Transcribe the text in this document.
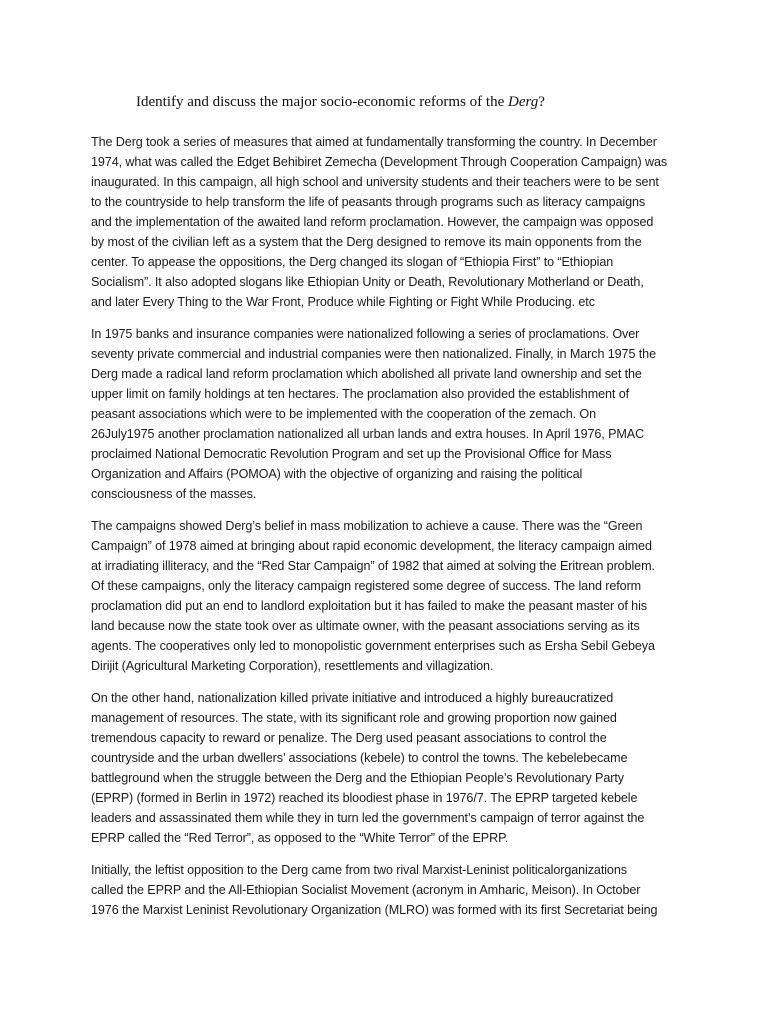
Identify and discuss the major socio-economic reforms of the Derg?

The Derg took a series of measures that aimed at fundamentally transforming the country. In December
1974, what was called the Edget Behibiret Zemecha (Development Through Cooperation Campaign) was
inaugurated. In this campaign, all high school and university students and their teachers were to be sent
to the countryside to help transform the life of peasants through programs such as literacy campaigns
and the implementation of the awaited land reform proclamation. However, the campaign was opposed
by most of the civilian left as a system that the Derg designed to remove its main opponents from the
center. To appease the oppositions, the Derg changed its slogan of “Ethiopia First” to “Ethiopian
Socialism”. It also adopted slogans like Ethiopian Unity or Death, Revolutionary Motherland or Death,
and later Every Thing to the War Front, Produce while Fighting or Fight While Producing. etc

In 1975 banks and insurance companies were nationalized following a series of proclamations. Over
seventy private commercial and industrial companies were then nationalized. Finally, in March 1975 the
Derg made a radical land reform proclamation which abolished all private land ownership and set the
upper limit on family holdings at ten hectares. The proclamation also provided the establishment of
peasant associations which were to be implemented with the cooperation of the zemach. On
26July1975 another proclamation nationalized all urban lands and extra houses. In April 1976, PMAC
proclaimed National Democratic Revolution Program and set up the Provisional Office for Mass
Organization and Affairs (POMOA) with the objective of organizing and raising the political
consciousness of the masses.

The campaigns showed Derg’s belief in mass mobilization to achieve a cause. There was the “Green
Campaign” of 1978 aimed at bringing about rapid economic development, the literacy campaign aimed
at irradiating illiteracy, and the “Red Star Campaign” of 1982 that aimed at solving the Eritrean problem.
Of these campaigns, only the literacy campaign registered some degree of success. The land reform
proclamation did put an end to landlord exploitation but it has failed to make the peasant master of his
land because now the state took over as ultimate owner, with the peasant associations serving as its
agents. The cooperatives only led to monopolistic government enterprises such as Ersha Sebil Gebeya
Dirijit (Agricultural Marketing Corporation), resettlements and villagization.

On the other hand, nationalization killed private initiative and introduced a highly bureaucratized
management of resources. The state, with its significant role and growing proportion now gained
tremendous capacity to reward or penalize. The Derg used peasant associations to control the
countryside and the urban dwellers’ associations (kebele) to control the towns. The kebelebecame
battleground when the struggle between the Derg and the Ethiopian People’s Revolutionary Party
(EPRP) (formed in Berlin in 1972) reached its bloodiest phase in 1976/7. The EPRP targeted kebele
leaders and assassinated them while they in turn led the government’s campaign of terror against the
EPRP called the “Red Terror”, as opposed to the “White Terror” of the EPRP.

Initially, the leftist opposition to the Derg came from two rival Marxist-Leninist politicalorganizations
called the EPRP and the All-Ethiopian Socialist Movement (acronym in Amharic, Meison). In October
1976 the Marxist Leninist Revolutionary Organization (MLRO) was formed with its first Secretariat being
